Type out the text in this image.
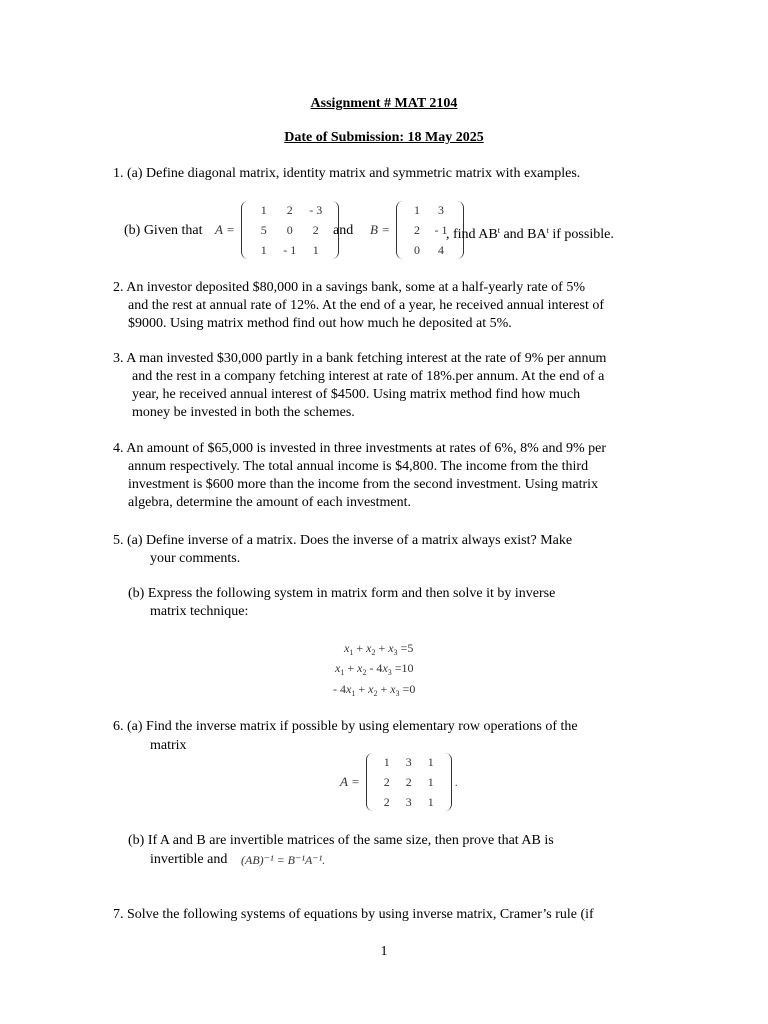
Assignment # MAT 2104
Date of Submission: 18 May 2025
1. (a) Define diagonal matrix, identity matrix and symmetric matrix with examples.
(b) Given that A =
1	2	- 3
5	0	2
1	- 1	1
and B =
1	3
2	- 1
0	4
, find $AB^t$ and $BA^t$ if possible.
2. An investor deposited $80,000 in a savings bank, some at a half-yearly rate of 5%
and the rest at annual rate of 12%. At the end of a year, he received annual interest of
$9000. Using matrix method find out how much he deposited at 5%.
3. A man invested $30,000 partly in a bank fetching interest at the rate of 9% per annum
and the rest in a company fetching interest at rate of 18%.per annum. At the end of a
year, he received annual interest of $4500. Using matrix method find how much
money be invested in both the schemes.
4. An amount of $65,000 is invested in three investments at rates of 6%, 8% and 9% per
annum respectively. The total annual income is $4,800. The income from the third
investment is $600 more than the income from the second investment. Using matrix
algebra, determine the amount of each investment.
5. (a) Define inverse of a matrix. Does the inverse of a matrix always exist? Make
your comments.
(b) Express the following system in matrix form and then solve it by inverse
matrix technique:
$x_1 + x_2 + x_3 =5$
$x_1 + x_2 - 4x_3 =10$
- $4x_1 + x_2 + x_3 =0$
6. (a) Find the inverse matrix if possible by using elementary row operations of the
matrix
A =
1	3	1
2	2	1
2	3	1
.
(b) If A and B are invertible matrices of the same size, then prove that AB is
invertible and (AB)⁻¹ = B⁻¹A⁻¹.
7. Solve the following systems of equations by using inverse matrix, Cramer’s rule (if
1
